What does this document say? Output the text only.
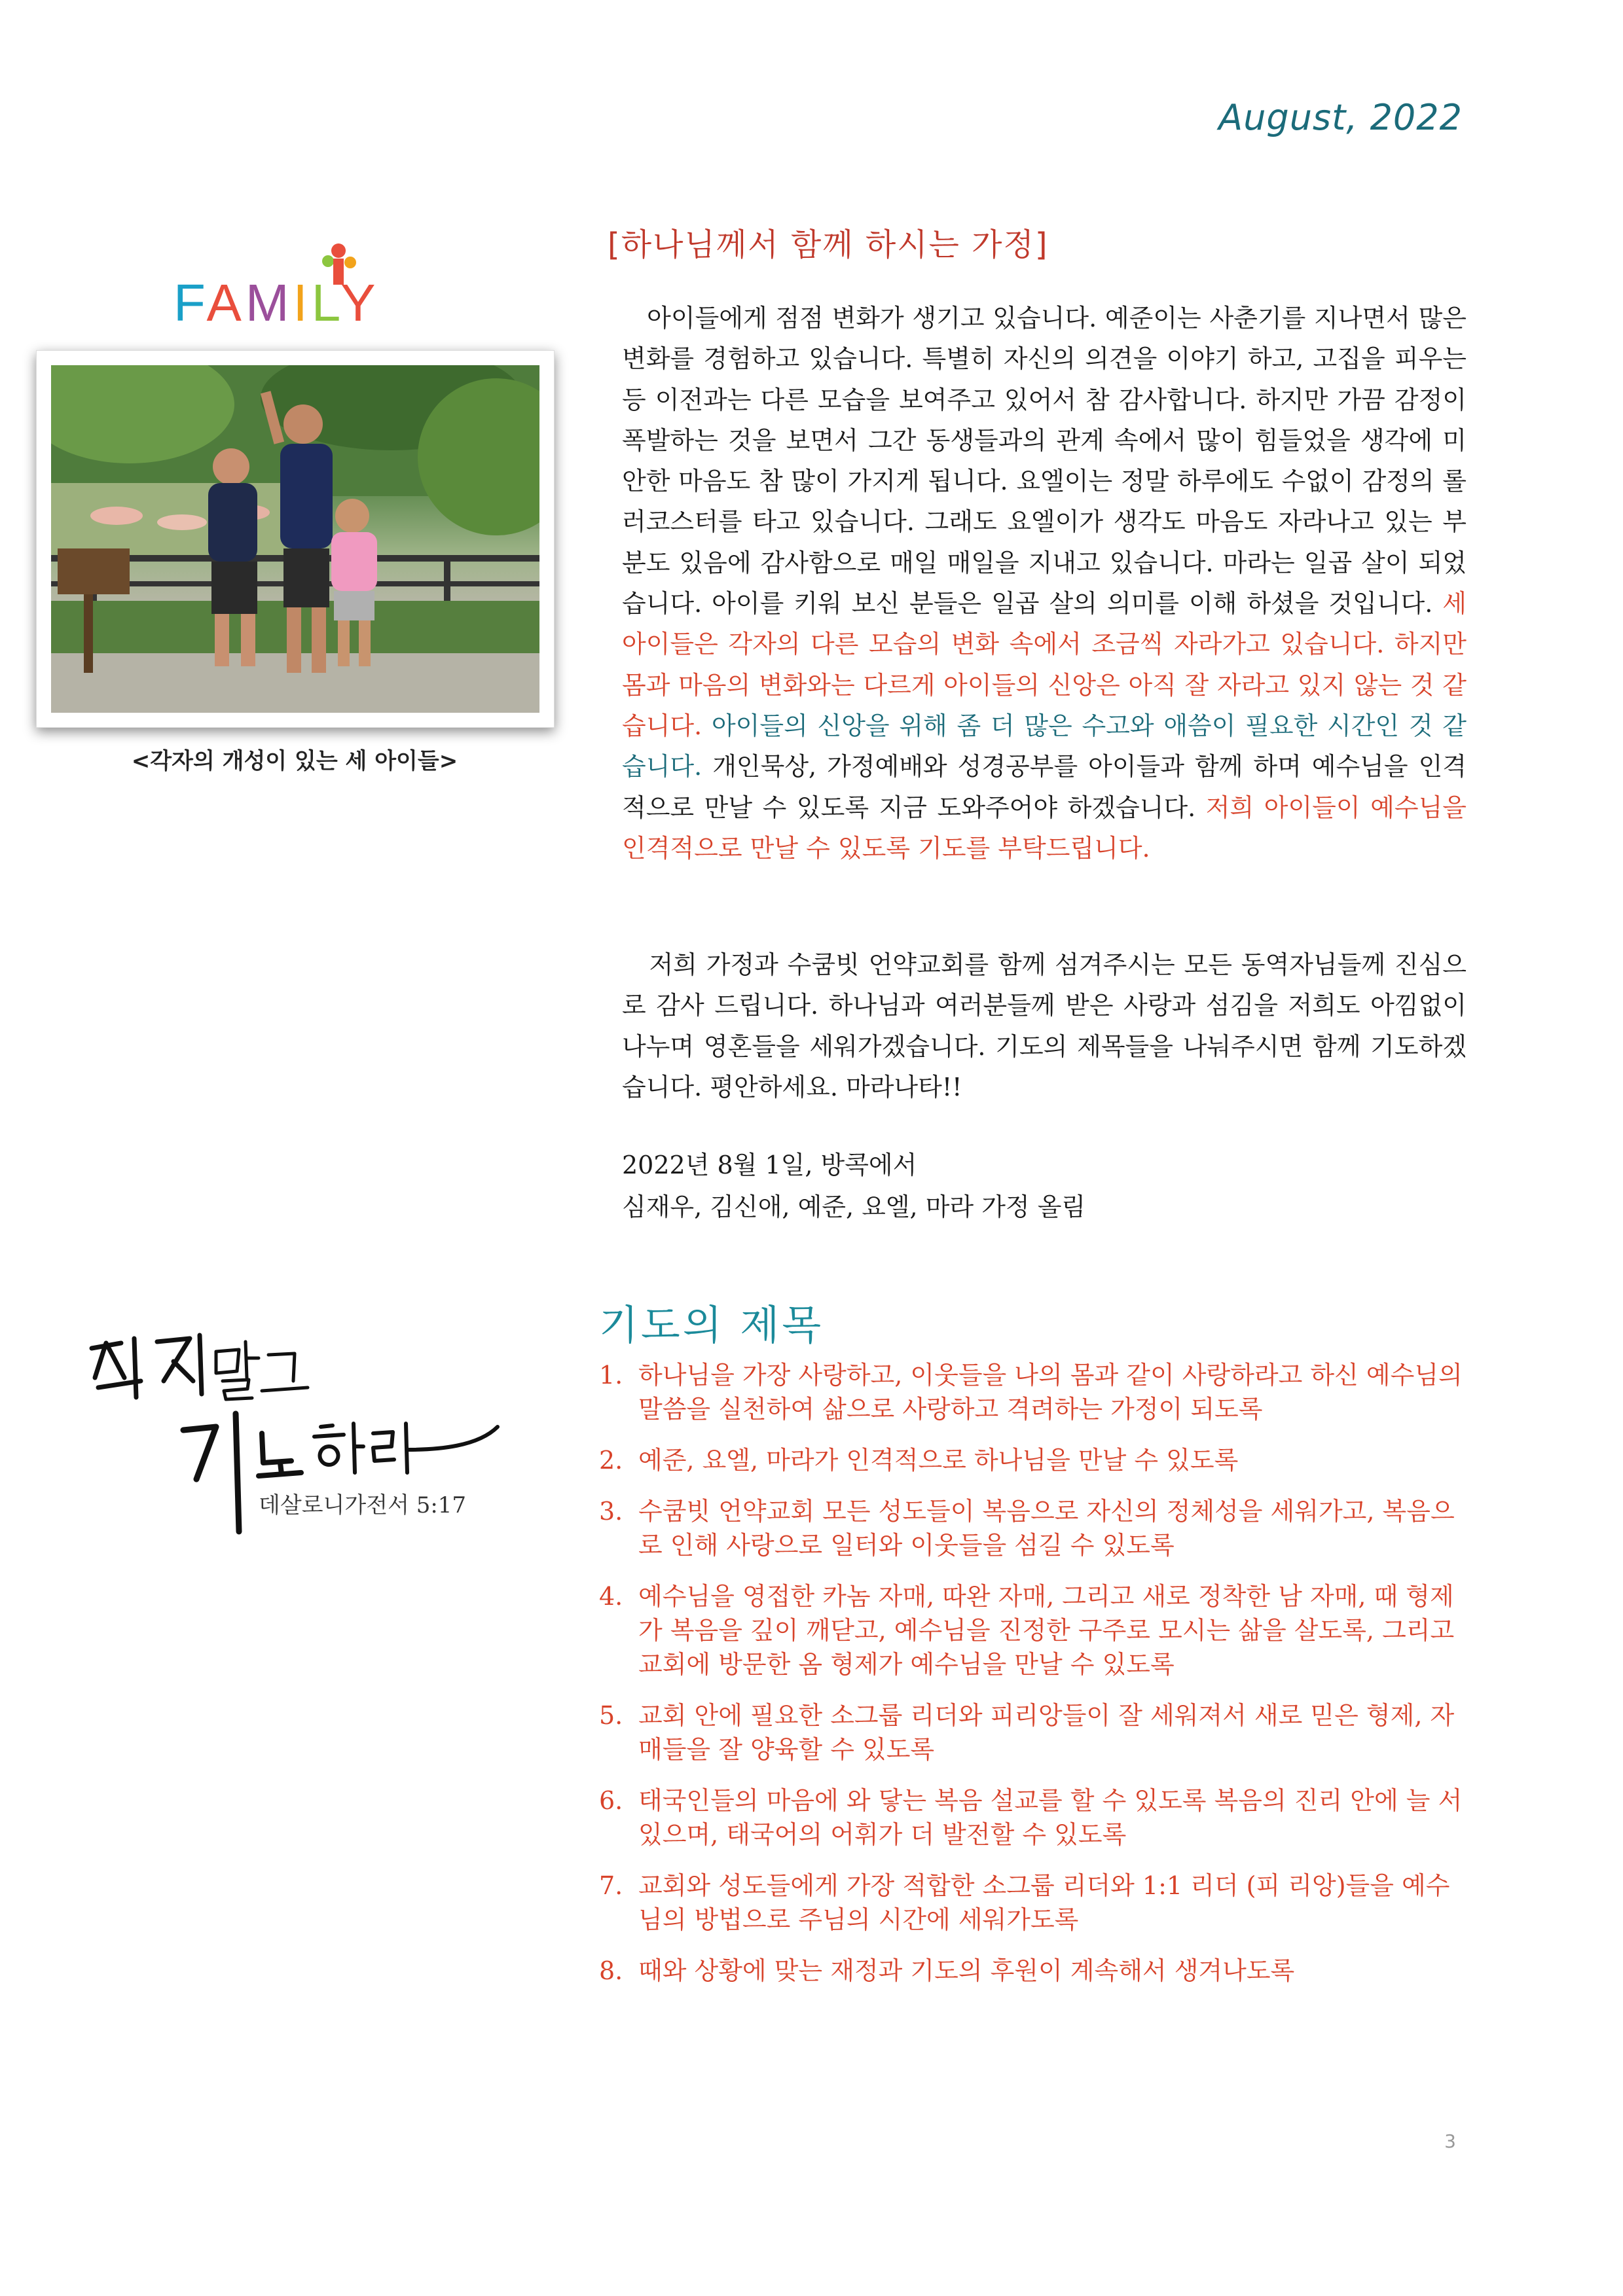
August, 2022
FAMILY
<각자의 개성이 있는 세 아이들>
[하나님께서 함께 하시는 가정]
아이들에게 점점 변화가 생기고 있습니다. 예준이는 사춘기를 지나면서 많은 변화를 경험하고 있습니다. 특별히 자신의 의견을 이야기 하고, 고집을 피우는 등 이전과는 다른 모습을 보여주고 있어서 참 감사합니다. 하지만 가끔 감정이 폭발하는 것을 보면서 그간 동생들과의 관계 속에서 많이 힘들었을 생각에 미안한 마음도 참 많이 가지게 됩니다. 요엘이는 정말 하루에도 수없이 감정의 롤러코스터를 타고 있습니다. 그래도 요엘이가 생각도 마음도 자라나고 있는 부분도 있음에 감사함으로 매일 매일을 지내고 있습니다. 마라는 일곱 살이 되었습니다. 아이를 키워 보신 분들은 일곱 살의 의미를 이해 하셨을 것입니다. 세 아이들은 각자의 다른 모습의 변화 속에서 조금씩 자라가고 있습니다. 하지만 몸과 마음의 변화와는 다르게 아이들의 신앙은 아직 잘 자라고 있지 않는 것 같습니다. 아이들의 신앙을 위해 좀 더 많은 수고와 애씀이 필요한 시간인 것 같습니다. 개인묵상, 가정예배와 성경공부를 아이들과 함께 하며 예수님을 인격적으로 만날 수 있도록 지금 도와주어야 하겠습니다. 저희 아이들이 예수님을 인격적으로 만날 수 있도록 기도를 부탁드립니다.
저희 가정과 수쿰빗 언약교회를 함께 섬겨주시는 모든 동역자님들께 진심으로 감사 드립니다. 하나님과 여러분들께 받은 사랑과 섬김을 저희도 아낌없이 나누며 영혼들을 세워가겠습니다. 기도의 제목들을 나눠주시면 함께 기도하겠습니다. 평안하세요. 마라나타!!
2022년 8월 1일, 방콕에서
심재우, 김신애, 예준, 요엘, 마라 가정 올림
데살로니가전서 5:17
기도의 제목
1. 하나님을 가장 사랑하고, 이웃들을 나의 몸과 같이 사랑하라고 하신 예수님의 말씀을 실천하여 삶으로 사랑하고 격려하는 가정이 되도록
2. 예준, 요엘, 마라가 인격적으로 하나님을 만날 수 있도록
3. 수쿰빗 언약교회 모든 성도들이 복음으로 자신의 정체성을 세워가고, 복음으로 인해 사랑으로 일터와 이웃들을 섬길 수 있도록
4. 예수님을 영접한 카놈 자매, 따완 자매, 그리고 새로 정착한 남 자매, 때 형제가 복음을 깊이 깨닫고, 예수님을 진정한 구주로 모시는 삶을 살도록, 그리고 교회에 방문한 옴 형제가 예수님을 만날 수 있도록
5. 교회 안에 필요한 소그룹 리더와 피리앙들이 잘 세워져서 새로 믿은 형제, 자매들을 잘 양육할 수 있도록
6. 태국인들의 마음에 와 닿는 복음 설교를 할 수 있도록 복음의 진리 안에 늘 서 있으며, 태국어의 어휘가 더 발전할 수 있도록
7. 교회와 성도들에게 가장 적합한 소그룹 리더와 1:1 리더 (피 리앙)들을 예수님의 방법으로 주님의 시간에 세워가도록
8. 때와 상황에 맞는 재정과 기도의 후원이 계속해서 생겨나도록
3
